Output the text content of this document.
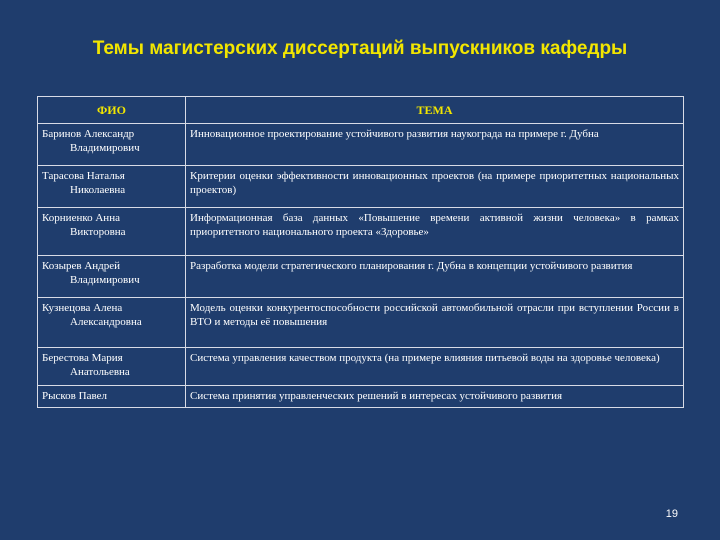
Темы магистерских диссертаций выпускников кафедры
ФИО	ТЕМА

Баринов Александр
Владимирович	Инновационное проектирование устойчивого развития наукограда на примере г. Дубна

Тарасова Наталья
Николаевна	Критерии оценки эффективности инновационных проектов (на примере приоритетных национальных проектов)

Корниенко Анна
Викторовна	Информационная база данных «Повышение времени активной жизни человека» в рамках приоритетного национального проекта «Здоровье»

Козырев Андрей
Владимирович	Разработка модели стратегического планирования г. Дубна в концепции устойчивого развития

Кузнецова Алена
Александровна	Модель оценки конкурентоспособности российской автомобильной отрасли при вступлении России в ВТО и методы её повышения

Берестова Мария
Анатольевна	Система управления качеством продукта (на примере влияния питьевой воды на здоровье человека)

Рысков Павел	Система принятия управленческих решений в интересах устойчивого развития
19
